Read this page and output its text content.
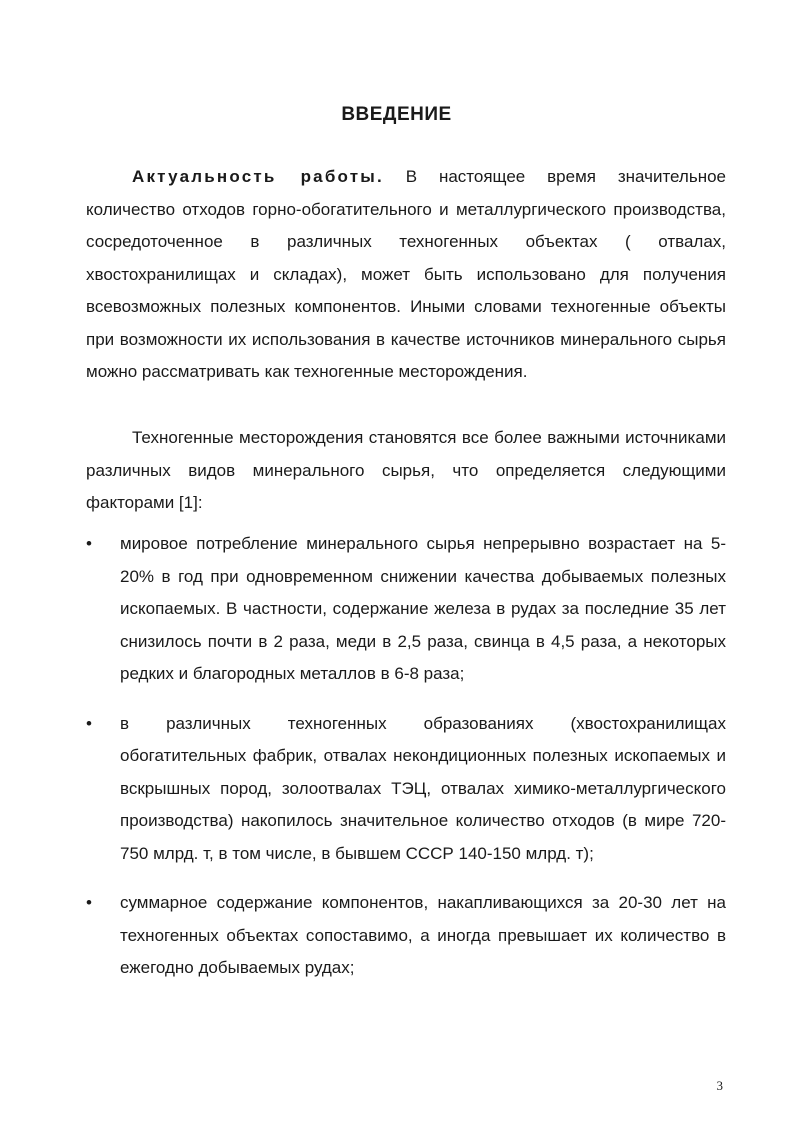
ВВЕДЕНИЕ

Актуальность работы. В настоящее время значительное количество отходов горно-обогатительного и металлургического производства, сосредоточенное в различных техногенных объектах ( отвалах, хвостохранилищах и складах), может быть использовано для получения всевозможных полезных компонентов. Иными словами техногенные объекты при возможности их использования в качестве источников минерального сырья можно рассматривать как техногенные месторождения.

Техногенные месторождения становятся все более важными источниками различных видов минерального сырья, что определяется следующими факторами [1]:

• мировое потребление минерального сырья непрерывно возрастает на 5-20% в год при одновременном снижении качества добываемых полезных ископаемых. В частности, содержание железа в рудах за последние 35 лет снизилось почти в 2 раза, меди в 2,5 раза, свинца в 4,5 раза, а некоторых редких и благородных металлов в 6-8 раза;
• в различных техногенных образованиях (хвостохранилищах обогатительных фабрик, отвалах некондиционных полезных ископаемых и вскрышных пород, золоотвалах ТЭЦ, отвалах химико-металлургического производства) накопилось значительное количество отходов (в мире 720-750 млрд. т, в том числе, в бывшем СССР 140-150 млрд. т);
• суммарное содержание компонентов, накапливающихся за 20-30 лет на техногенных объектах сопоставимо, а иногда превышает их количество в ежегодно добываемых рудах;
3
